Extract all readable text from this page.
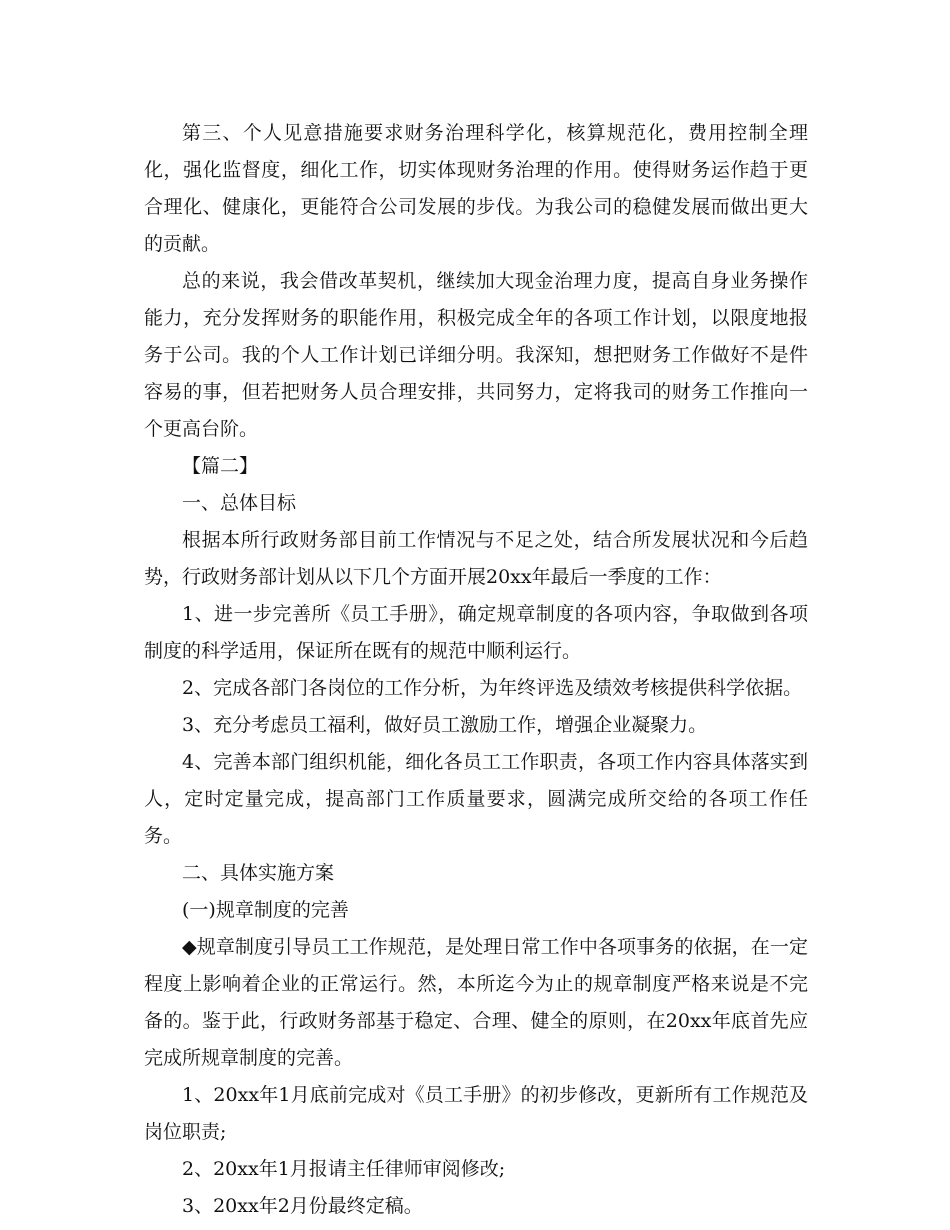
第三、个人见意措施要求财务治理科学化，核算规范化，费用控制全理化，强化监督度，细化工作，切实体现财务治理的作用。使得财务运作趋于更合理化、健康化，更能符合公司发展的步伐。为我公司的稳健发展而做出更大的贡献。

总的来说，我会借改革契机，继续加大现金治理力度，提高自身业务操作能力，充分发挥财务的职能作用，积极完成全年的各项工作计划，以限度地报务于公司。我的个人工作计划已详细分明。我深知，想把财务工作做好不是件容易的事，但若把财务人员合理安排，共同努力，定将我司的财务工作推向一个更高台阶。

【篇二】

一、总体目标

根据本所行政财务部目前工作情况与不足之处，结合所发展状况和今后趋势，行政财务部计划从以下几个方面开展20xx年最后一季度的工作：

1、进一步完善所《员工手册》，确定规章制度的各项内容，争取做到各项制度的科学适用，保证所在既有的规范中顺利运行。

2、完成各部门各岗位的工作分析，为年终评选及绩效考核提供科学依据。

3、充分考虑员工福利，做好员工激励工作，增强企业凝聚力。

4、完善本部门组织机能，细化各员工工作职责，各项工作内容具体落实到人，定时定量完成，提高部门工作质量要求，圆满完成所交给的各项工作任务。

二、具体实施方案

(一)规章制度的完善

◆规章制度引导员工工作规范，是处理日常工作中各项事务的依据，在一定程度上影响着企业的正常运行。然，本所迄今为止的规章制度严格来说是不完备的。鉴于此，行政财务部基于稳定、合理、健全的原则，在20xx年底首先应完成所规章制度的完善。

1、20xx年1月底前完成对《员工手册》的初步修改，更新所有工作规范及岗位职责;

2、20xx年1月报请主任律师审阅修改;

3、20xx年2月份最终定稿。
